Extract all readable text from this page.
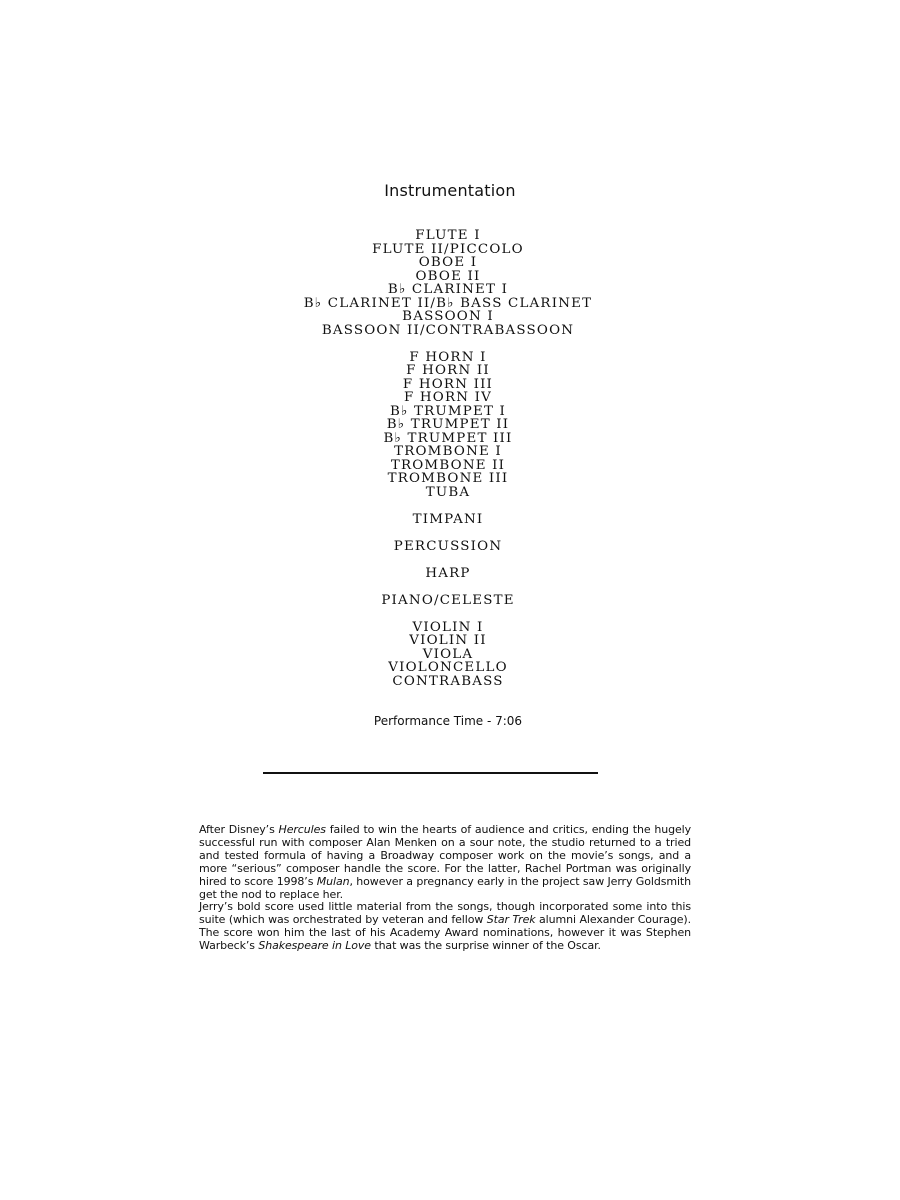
Instrumentation
FLUTE I
FLUTE II/PICCOLO
OBOE I
OBOE II
B♭ CLARINET I
B♭ CLARINET II/B♭ BASS CLARINET
BASSOON I
BASSOON II/CONTRABASSOON
F HORN I
F HORN II
F HORN III
F HORN IV
B♭ TRUMPET I
B♭ TRUMPET II
B♭ TRUMPET III
TROMBONE I
TROMBONE II
TROMBONE III
TUBA
TIMPANI
PERCUSSION
HARP
PIANO/CELESTE
VIOLIN I
VIOLIN II
VIOLA
VIOLONCELLO
CONTRABASS
Performance Time - 7:06

After Disney’s Hercules failed to win the hearts of audience and critics, ending the hugely successful run with composer Alan Menken on a sour note, the studio returned to a tried and tested formula of having a Broadway composer work on the movie’s songs, and a more “serious” composer handle the score. For the latter, Rachel Portman was originally hired to score 1998’s Mulan, however a pregnancy early in the project saw Jerry Goldsmith get the nod to replace her.

Jerry’s bold score used little material from the songs, though incorporated some into this suite (which was orchestrated by veteran and fellow Star Trek alumni Alexander Courage). The score won him the last of his Academy Award nominations, however it was Stephen Warbeck’s Shakespeare in Love that was the surprise winner of the Oscar.
